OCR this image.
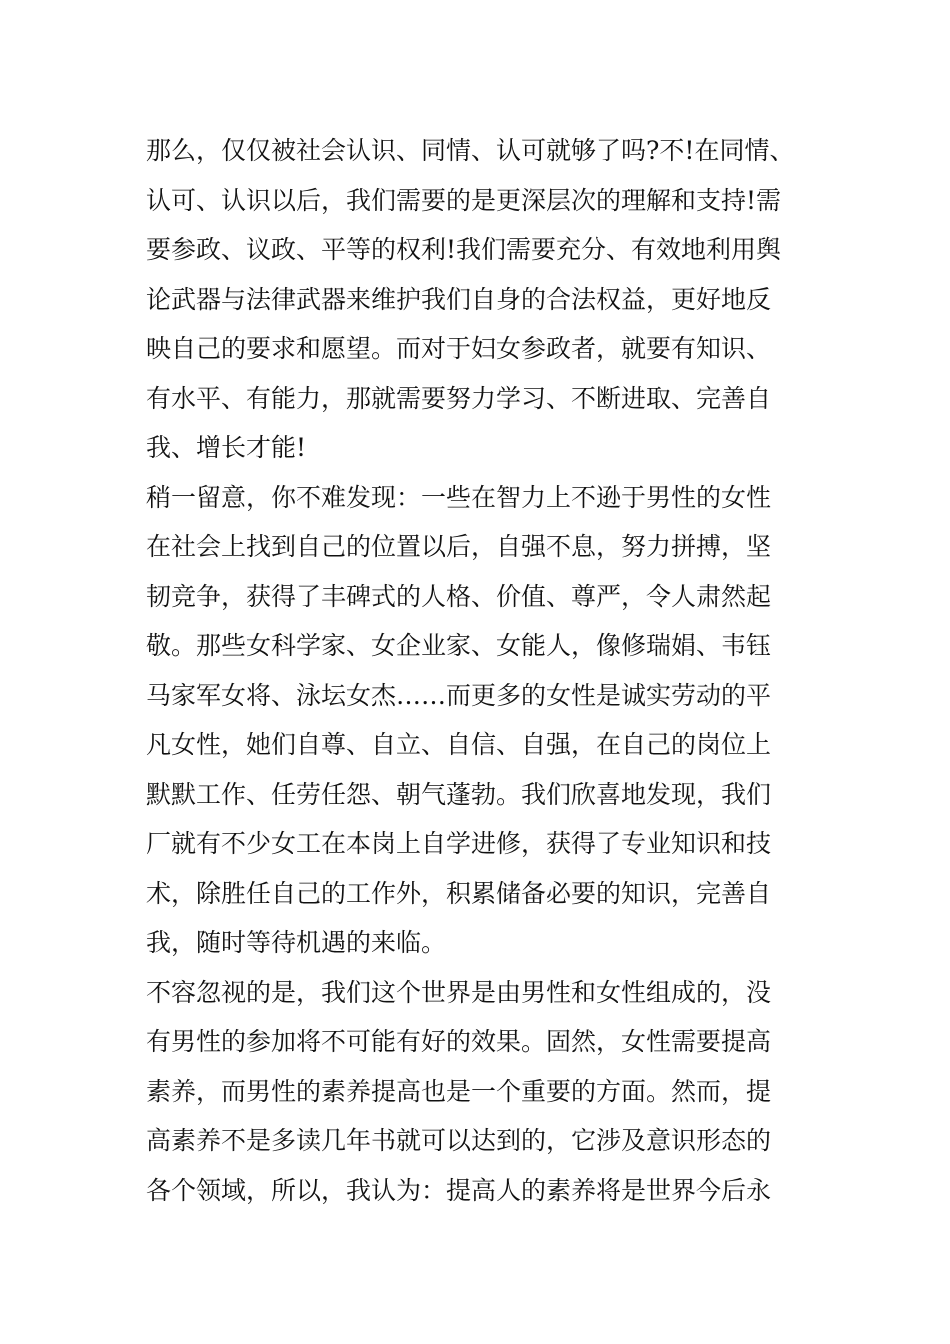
那么，仅仅被社会认识、同情、认可就够了吗?不!在同情、
认可、认识以后，我们需要的是更深层次的理解和支持!需
要参政、议政、平等的权利!我们需要充分、有效地利用舆
论武器与法律武器来维护我们自身的合法权益，更好地反
映自己的要求和愿望。而对于妇女参政者，就要有知识、
有水平、有能力，那就需要努力学习、不断进取、完善自
我、增长才能!
稍一留意，你不难发现：一些在智力上不逊于男性的女性
在社会上找到自己的位置以后，自强不息，努力拼搏，坚
韧竞争，获得了丰碑式的人格、价值、尊严，令人肃然起
敬。那些女科学家、女企业家、女能人，像修瑞娟、韦钰
马家军女将、泳坛女杰……而更多的女性是诚实劳动的平
凡女性，她们自尊、自立、自信、自强，在自己的岗位上
默默工作、任劳任怨、朝气蓬勃。我们欣喜地发现，我们
厂就有不少女工在本岗上自学进修，获得了专业知识和技
术，除胜任自己的工作外，积累储备必要的知识，完善自
我，随时等待机遇的来临。
不容忽视的是，我们这个世界是由男性和女性组成的，没
有男性的参加将不可能有好的效果。固然，女性需要提高
素养，而男性的素养提高也是一个重要的方面。然而，提
高素养不是多读几年书就可以达到的，它涉及意识形态的
各个领域，所以，我认为：提高人的素养将是世界今后永
